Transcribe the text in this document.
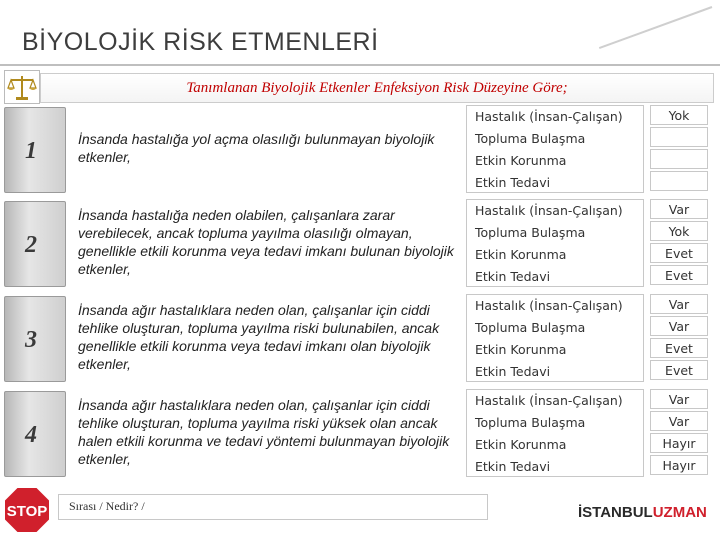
BİYOLOJİK RİSK ETMENLERİ
Tanımlanan Biyolojik Etkenler Enfeksiyon Risk Düzeyine Göre;
1	İnsanda hastalığa yol açma olasılığı bulunmayan biyolojik etkenler,
Hastalık (İnsan-Çalışan)
Topluma Bulaşma
Etkin Korunma
Etkin Tedavi
Yok
2
İnsanda hastalığa neden olabilen, çalışanlara zarar verebilecek, ancak topluma yayılma olasılığı olmayan, genellikle etkili korunma veya tedavi imkanı bulunan biyolojik etkenler,
Hastalık (İnsan-Çalışan)
Topluma Bulaşma
Etkin Korunma
Etkin Tedavi
Var
Yok
Evet
Evet
3
İnsanda ağır hastalıklara neden olan, çalışanlar için ciddi tehlike oluşturan, topluma yayılma riski bulunabilen, ancak genellikle etkili korunma veya tedavi imkanı olan biyolojik etkenler,
Hastalık (İnsan-Çalışan)
Topluma Bulaşma
Etkin Korunma
Etkin Tedavi
Var
Var
Evet
Evet
4
İnsanda ağır hastalıklara neden olan, çalışanlar için ciddi tehlike oluşturan, topluma yayılma riski yüksek olan ancak halen etkili korunma ve tedavi yöntemi bulunmayan biyolojik etkenler,
Hastalık (İnsan-Çalışan)
Topluma Bulaşma
Etkin Korunma
Etkin Tedavi
Var
Var
Hayır
Hayır
STOP Sırası / Nedir? /	İSTANBULUZMAN
